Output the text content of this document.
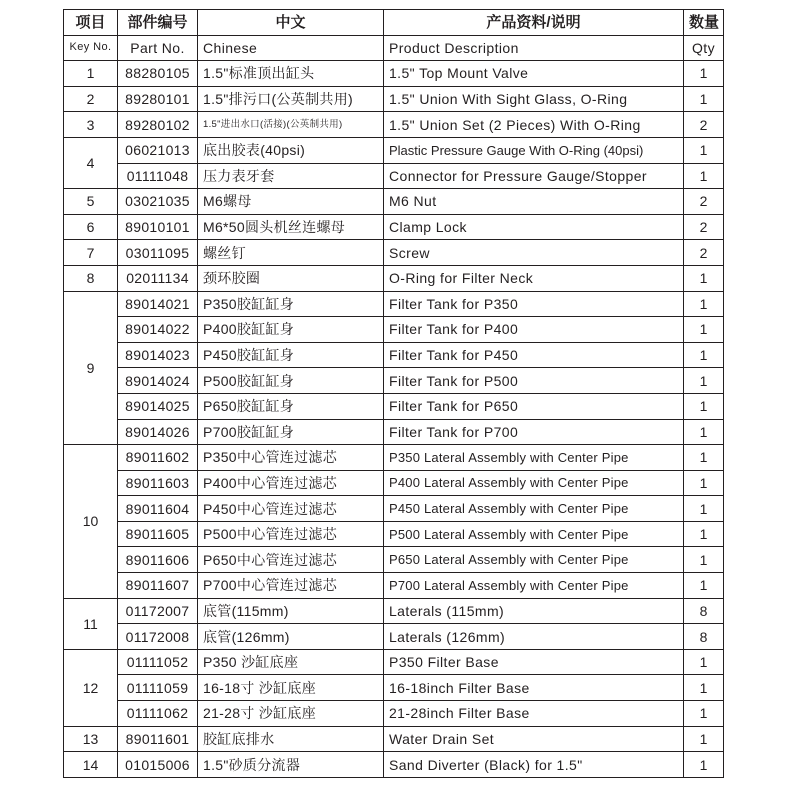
项目	部件编号	中文	产品资料/说明	数量
Key No.	Part No.	Chinese	Product Description	Qty
1	88280105	1.5"标准顶出缸头	1.5" Top Mount Valve	1
2	89280101	1.5"排污口(公英制共用)	1.5" Union With Sight Glass, O-Ring	1
3	89280102	1.5"进出水口(活接)(公英制共用)	1.5" Union Set (2 Pieces) With O-Ring	2
4	06021013	底出胶表(40psi)	Plastic Pressure Gauge With O-Ring (40psi)	1
	01111048	压力表牙套	Connector for Pressure Gauge/Stopper	1
5	03021035	M6螺母	M6 Nut	2
6	89010101	M6*50圆头机丝连螺母	Clamp Lock	2
7	03011095	螺丝钉	Screw	2
8	02011134	颈环胶圈	O-Ring for Filter Neck	1
9	89014021	P350胶缸缸身	Filter Tank for P350	1
	89014022	P400胶缸缸身	Filter Tank for P400	1
	89014023	P450胶缸缸身	Filter Tank for P450	1
	89014024	P500胶缸缸身	Filter Tank for P500	1
	89014025	P650胶缸缸身	Filter Tank for P650	1
	89014026	P700胶缸缸身	Filter Tank for P700	1
10	89011602	P350中心管连过滤芯	P350 Lateral Assembly with Center Pipe	1
	89011603	P400中心管连过滤芯	P400 Lateral Assembly with Center Pipe	1
	89011604	P450中心管连过滤芯	P450 Lateral Assembly with Center Pipe	1
	89011605	P500中心管连过滤芯	P500 Lateral Assembly with Center Pipe	1
	89011606	P650中心管连过滤芯	P650 Lateral Assembly with Center Pipe	1
	89011607	P700中心管连过滤芯	P700 Lateral Assembly with Center Pipe	1
11	01172007	底管(115mm)	Laterals (115mm)	8
	01172008	底管(126mm)	Laterals (126mm)	8
12	01111052	P350 沙缸底座	P350 Filter Base	1
	01111059	16-18寸 沙缸底座	16-18inch Filter Base	1
	01111062	21-28寸 沙缸底座	21-28inch Filter Base	1
13	89011601	胶缸底排水	Water Drain Set	1
14	01015006	1.5"砂质分流器	Sand Diverter (Black) for 1.5"	1
